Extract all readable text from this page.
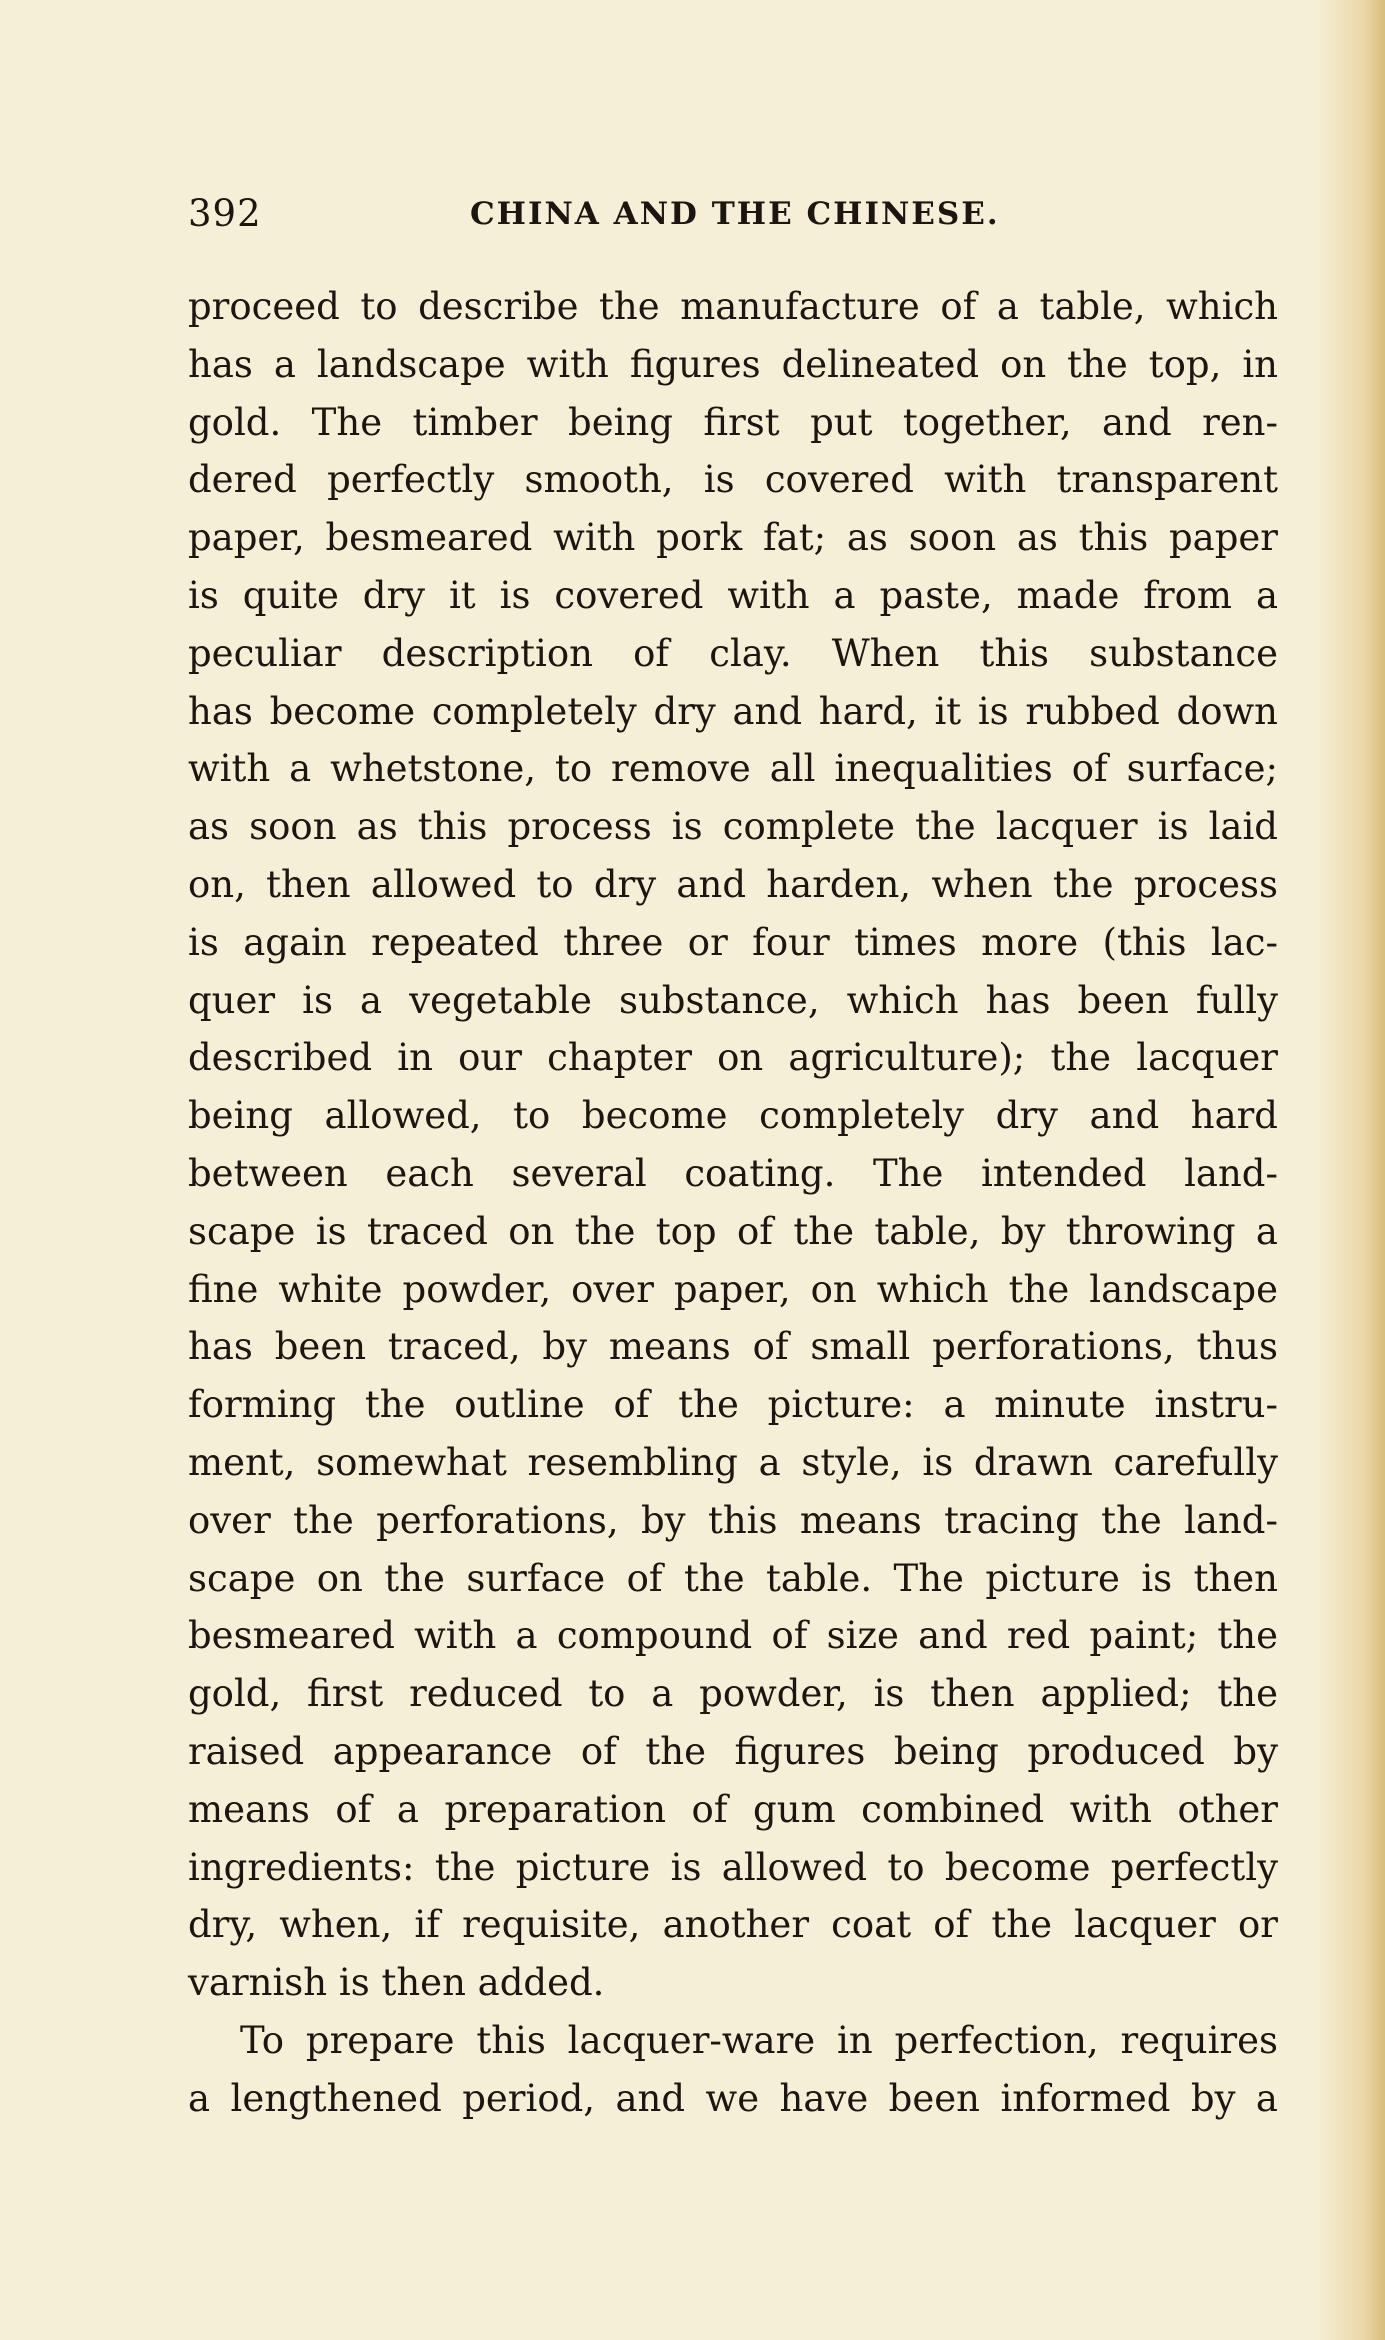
392	CHINA AND THE CHINESE.
proceed to describe the manufacture of a table, which
has a landscape with figures delineated on the top, in
gold. The timber being first put together, and ren-
dered perfectly smooth, is covered with transparent
paper, besmeared with pork fat; as soon as this paper
is quite dry it is covered with a paste, made from a
peculiar description of clay. When this substance
has become completely dry and hard, it is rubbed down
with a whetstone, to remove all inequalities of surface;
as soon as this process is complete the lacquer is laid
on, then allowed to dry and harden, when the process
is again repeated three or four times more (this lac-
quer is a vegetable substance, which has been fully
described in our chapter on agriculture); the lacquer
being allowed, to become completely dry and hard
between each several coating. The intended land-
scape is traced on the top of the table, by throwing a
fine white powder, over paper, on which the landscape
has been traced, by means of small perforations, thus
forming the outline of the picture: a minute instru-
ment, somewhat resembling a style, is drawn carefully
over the perforations, by this means tracing the land-
scape on the surface of the table. The picture is then
besmeared with a compound of size and red paint; the
gold, first reduced to a powder, is then applied; the
raised appearance of the figures being produced by
means of a preparation of gum combined with other
ingredients: the picture is allowed to become perfectly
dry, when, if requisite, another coat of the lacquer or
varnish is then added.
To prepare this lacquer-ware in perfection, requires
a lengthened period, and we have been informed by a
